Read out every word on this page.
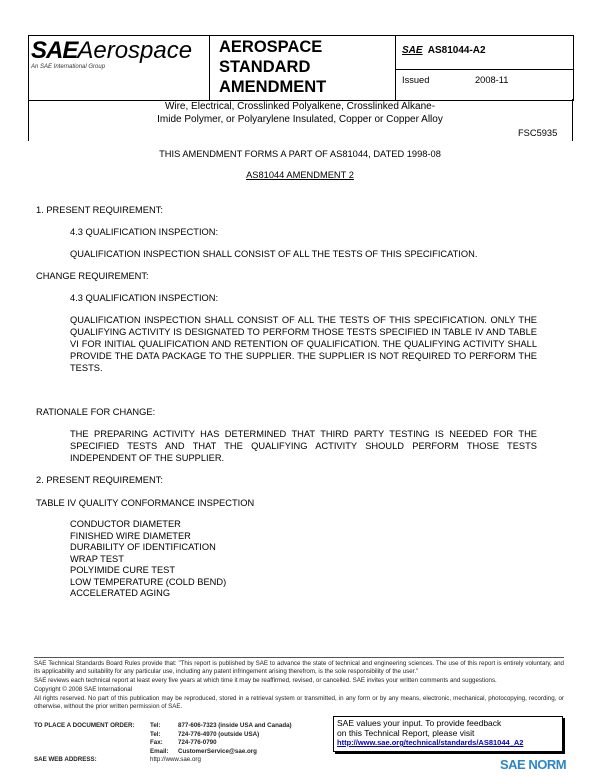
SAEAerospace
An SAE International Group
AEROSPACE
STANDARD
AMENDMENT
SAE AS81044-A2
Issued	2008-11
Wire, Electrical, Crosslinked Polyalkene, Crosslinked Alkane-
Imide Polymer, or Polyarylene Insulated, Copper or Copper Alloy
FSC5935
THIS AMENDMENT FORMS A PART OF AS81044, DATED 1998-08
AS81044 AMENDMENT 2
1. PRESENT REQUIREMENT:
4.3 QUALIFICATION INSPECTION:
QUALIFICATION INSPECTION SHALL CONSIST OF ALL THE TESTS OF THIS SPECIFICATION.
CHANGE REQUIREMENT:
4.3 QUALIFICATION INSPECTION:
QUALIFICATION INSPECTION SHALL CONSIST OF ALL THE TESTS OF THIS SPECIFICATION. ONLY THE QUALIFYING ACTIVITY IS DESIGNATED TO PERFORM THOSE TESTS SPECIFIED IN TABLE IV AND TABLE VI FOR INITIAL QUALIFICATION AND RETENTION OF QUALIFICATION. THE QUALIFYING ACTIVITY SHALL PROVIDE THE DATA PACKAGE TO THE SUPPLIER. THE SUPPLIER IS NOT REQUIRED TO PERFORM THE TESTS.
RATIONALE FOR CHANGE:
THE PREPARING ACTIVITY HAS DETERMINED THAT THIRD PARTY TESTING IS NEEDED FOR THE SPECIFIED TESTS AND THAT THE QUALIFYING ACTIVITY SHOULD PERFORM THOSE TESTS INDEPENDENT OF THE SUPPLIER.
2. PRESENT REQUIREMENT:
TABLE IV QUALITY CONFORMANCE INSPECTION
CONDUCTOR DIAMETER
FINISHED WIRE DIAMETER
DURABILITY OF IDENTIFICATION
WRAP TEST
POLYIMIDE CURE TEST
LOW TEMPERATURE (COLD BEND)
ACCELERATED AGING
SAE Technical Standards Board Rules provide that: "This report is published by SAE to advance the state of technical and engineering sciences. The use of this report is entirely voluntary, and its applicability and suitability for any particular use, including any patent infringement arising therefrom, is the sole responsibility of the user."
SAE reviews each technical report at least every five years at which time it may be reaffirmed, revised, or cancelled. SAE invites your written comments and suggestions.
Copyright © 2008 SAE International
All rights reserved. No part of this publication may be reproduced, stored in a retrieval system or transmitted, in any form or by any means, electronic, mechanical, photocopying, recording, or otherwise, without the prior written permission of SAE.
TO PLACE A DOCUMENT ORDER:
SAE WEB ADDRESS:
Tel:	877-606-7323 (inside USA and Canada)
Tel:	724-776-4970 (outside USA)
Fax: 724-776-0790
Email: CustomerService@sae.org
http://www.sae.org
SAE values your input. To provide feedback
on this Technical Report, please visit
http://www.sae.org/technical/standards/AS81044_A2
SAE NORM
